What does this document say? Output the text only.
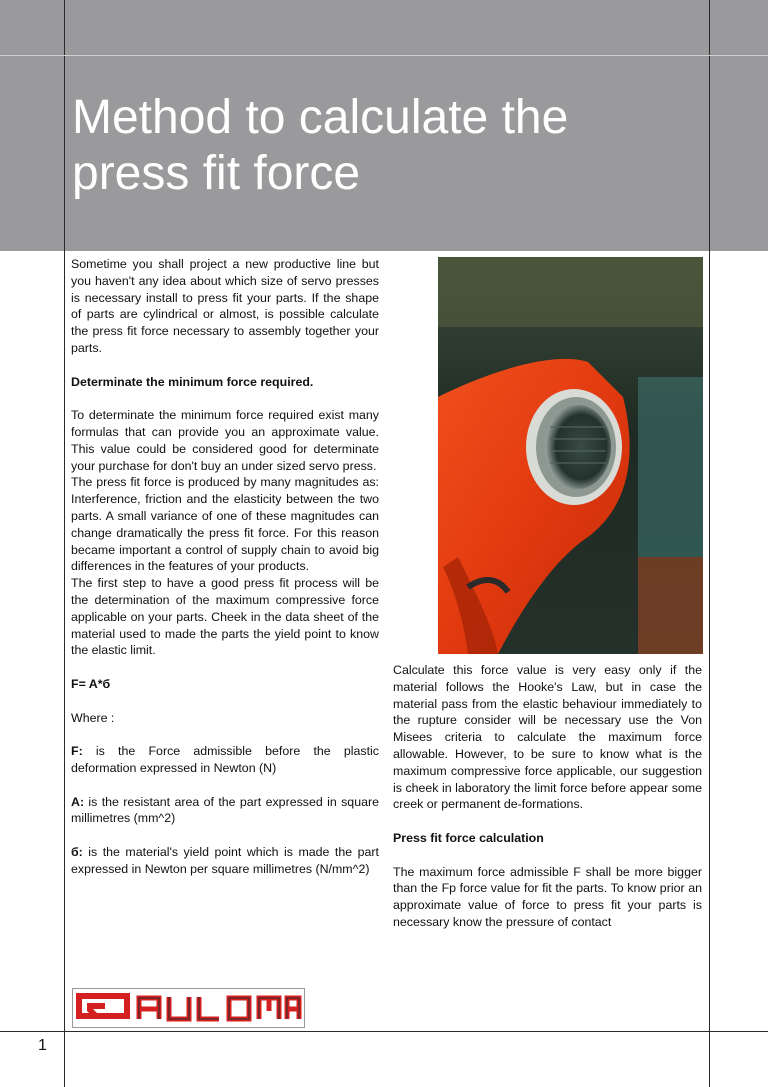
Method to calculate the
press fit force

Sometime you shall project a new productive line but you haven't any idea about which size of servo presses is necessary install to press fit your parts. If the shape of parts are cylindrical or almost, is possible calculate the press fit force necessary to assembly together your parts.

Determinate the minimum force required.

To determinate the minimum force required exist many formulas that can provide you an approximate value. This value could be considered good for determinate your purchase for don't buy an under sized servo press.

The press fit force is produced by many magnitudes as: Interference, friction and the elasticity between the two parts. A small variance of one of these magnitudes can change dramatically the press fit force. For this reason became important a control of supply chain to avoid big differences in the features of your products.

The first step to have a good press fit process will be the determination of the maximum compressive force applicable on your parts. Cheek in the data sheet of the material used to made the parts the yield point to know the elastic limit.

F= A*б

Where :

F: is the Force admissible before the plastic deformation expressed in Newton (N)

A: is the resistant area of the part expressed in square millimetres (mm^2)

б: is the material's yield point which is made the part expressed in Newton per square millimetres (N/mm^2)

Calculate this force value is very easy only if the material follows the Hooke's Law, but in case the material pass from the elastic behaviour immediately to the rupture consider will be necessary use the Von Misees criteria to calculate the maximum force allowable. However, to be sure to know what is the maximum compressive force applicable, our suggestion is cheek in laboratory the limit force before appear some creek or permanent de-formations.

Press fit force calculation

The maximum force admissible F shall be more bigger than the Fp force value for fit the parts. To know prior an approximate value of force to press fit your parts is necessary know the pressure of contact

1
